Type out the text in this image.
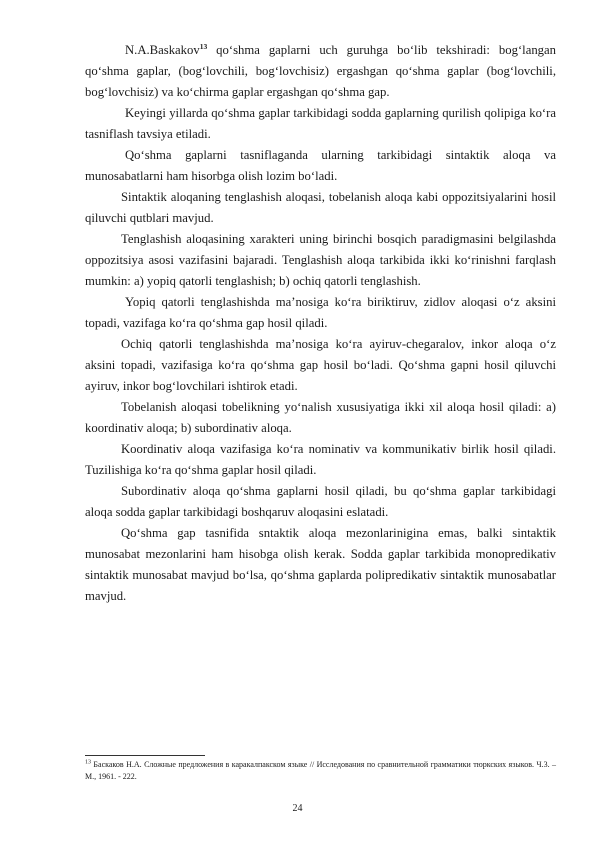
N.A.Baskakov$^{13}$ qo‘shma gaplarni uch guruhga bo‘lib tekshiradi: bog‘langan qo‘shma gaplar, (bog‘lovchili, bog‘lovchisiz) ergashgan qo‘shma gaplar (bog‘lovchili, bog‘lovchisiz) va ko‘chirma gaplar ergashgan qo‘shma gap.

Keyingi yillarda qo‘shma gaplar tarkibidagi sodda gaplarning qurilish qolipiga ko‘ra tasniflash tavsiya etiladi.

Qo‘shma gaplarni tasniflaganda ularning tarkibidagi sintaktik aloqa va munosabatlarni ham hisorbga olish lozim bo‘ladi.

Sintaktik aloqaning tenglashish aloqasi, tobelanish aloqa kabi oppozitsiyalarini hosil qiluvchi qutblari mavjud.

Tenglashish aloqasining xarakteri uning birinchi bosqich paradigmasini belgilashda oppozitsiya asosi vazifasini bajaradi. Tenglashish aloqa tarkibida ikki ko‘rinishni farqlash mumkin: a) yopiq qatorli tenglashish; b) ochiq qatorli tenglashish.

Yopiq qatorli tenglashishda ma’nosiga ko‘ra biriktiruv, zidlov aloqasi o‘z aksini topadi, vazifaga ko‘ra qo‘shma gap hosil qiladi.

Ochiq qatorli tenglashishda ma’nosiga ko‘ra ayiruv-chegaralov, inkor aloqa o‘z aksini topadi, vazifasiga ko‘ra qo‘shma gap hosil bo‘ladi. Qo‘shma gapni hosil qiluvchi ayiruv, inkor bog‘lovchilari ishtirok etadi.

Tobelanish aloqasi tobelikning yo‘nalish xususiyatiga ikki xil aloqa hosil qiladi: a) koordinativ aloqa; b) subordinativ aloqa.

Koordinativ aloqa vazifasiga ko‘ra nominativ va kommunikativ birlik hosil qiladi. Tuzilishiga ko‘ra qo‘shma gaplar hosil qiladi.

Subordinativ aloqa qo‘shma gaplarni hosil qiladi, bu qo‘shma gaplar tarkibidagi aloqa sodda gaplar tarkibidagi boshqaruv aloqasini eslatadi.

Qo‘shma gap tasnifida sntaktik aloqa mezonlarinigina emas, balki sintaktik munosabat mezonlarini ham hisobga olish kerak. Sodda gaplar tarkibida monopredikativ sintaktik munosabat mavjud bo‘lsa, qo‘shma gaplarda polipredikativ sintaktik munosabatlar mavjud.

$^{13}$ Баскаков Н.А. Сложные предложения в каракалпакском языке // Исследования по сравнительной грамматики тюркских языков. Ч.3. –М., 1961. - 222.

24
